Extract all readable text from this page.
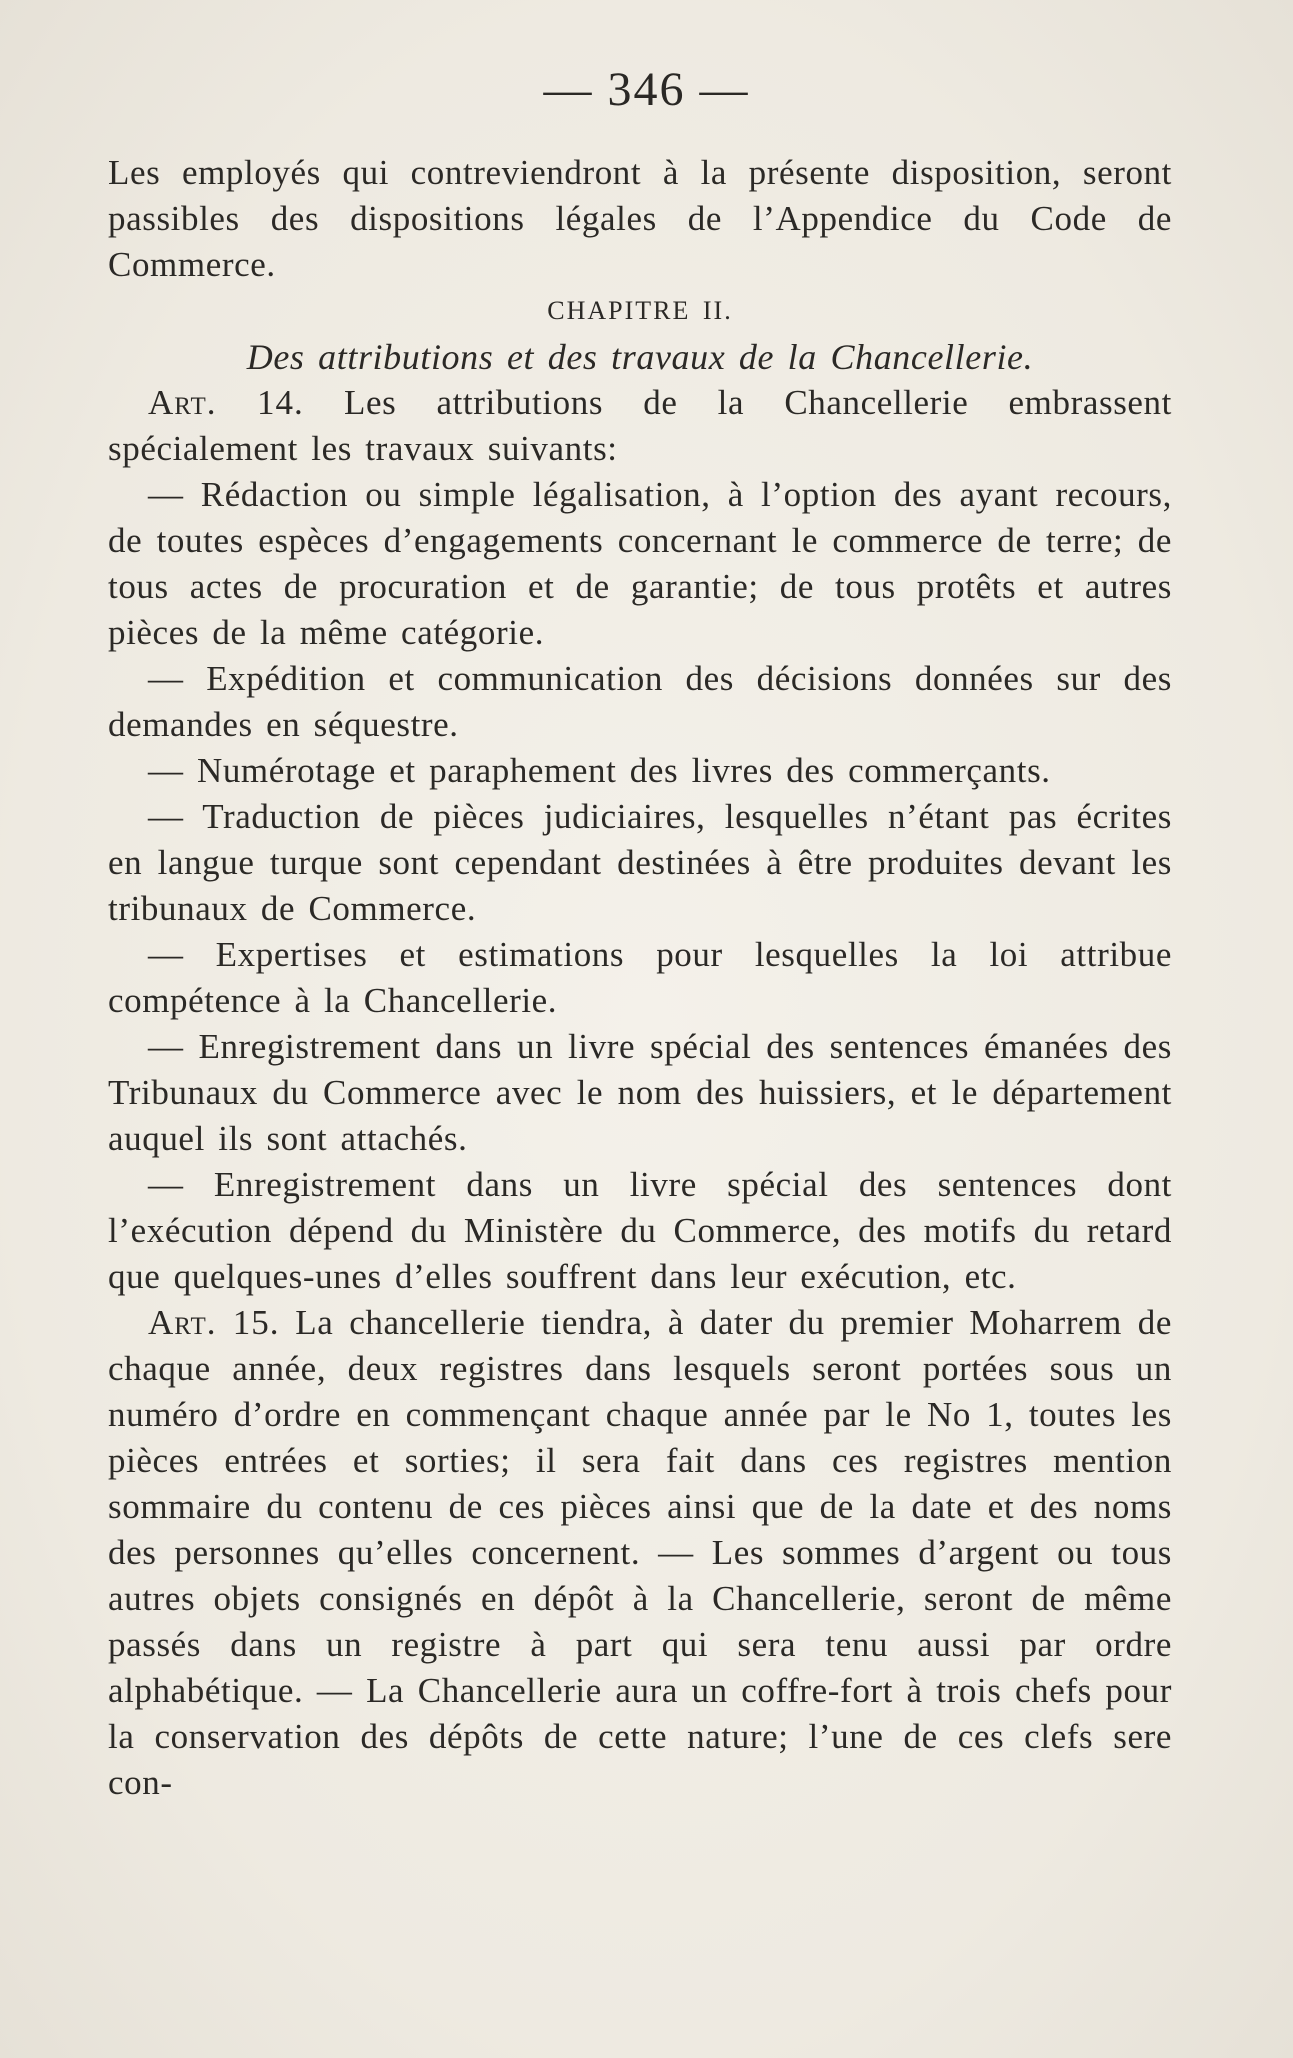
— 346 —

Les employés qui contreviendront à la présente disposition, seront passibles des dispositions légales de l’Appendice du Code de Commerce.

CHAPITRE II.

Des attributions et des travaux de la Chancellerie.

Art. 14. Les attributions de la Chancellerie embrassent spécialement les travaux suivants:

— Rédaction ou simple légalisation, à l’option des ayant recours, de toutes espèces d’engagements concernant le commerce de terre; de tous actes de procuration et de garantie; de tous protêts et autres pièces de la même catégorie.

— Expédition et communication des décisions données sur des demandes en séquestre.

— Numérotage et paraphement des livres des commerçants.

— Traduction de pièces judiciaires, lesquelles n’étant pas écrites en langue turque sont cependant destinées à être produites devant les tribunaux de Commerce.

— Expertises et estimations pour lesquelles la loi attribue compétence à la Chancellerie.

— Enregistrement dans un livre spécial des sentences émanées des Tribunaux du Commerce avec le nom des huissiers, et le département auquel ils sont attachés.

— Enregistrement dans un livre spécial des sentences dont l’exécution dépend du Ministère du Commerce, des motifs du retard que quelques-unes d’elles souffrent dans leur exécution, etc.

Art. 15. La chancellerie tiendra, à dater du premier Moharrem de chaque année, deux registres dans lesquels seront portées sous un numéro d’ordre en commençant chaque année par le No 1, toutes les pièces entrées et sorties; il sera fait dans ces registres mention sommaire du contenu de ces pièces ainsi que de la date et des noms des personnes qu’elles concernent. — Les sommes d’argent ou tous autres objets consignés en dépôt à la Chancellerie, seront de même passés dans un registre à part qui sera tenu aussi par ordre alphabétique. — La Chancellerie aura un coffre-fort à trois chefs pour la conservation des dépôts de cette nature; l’une de ces clefs sere con-
